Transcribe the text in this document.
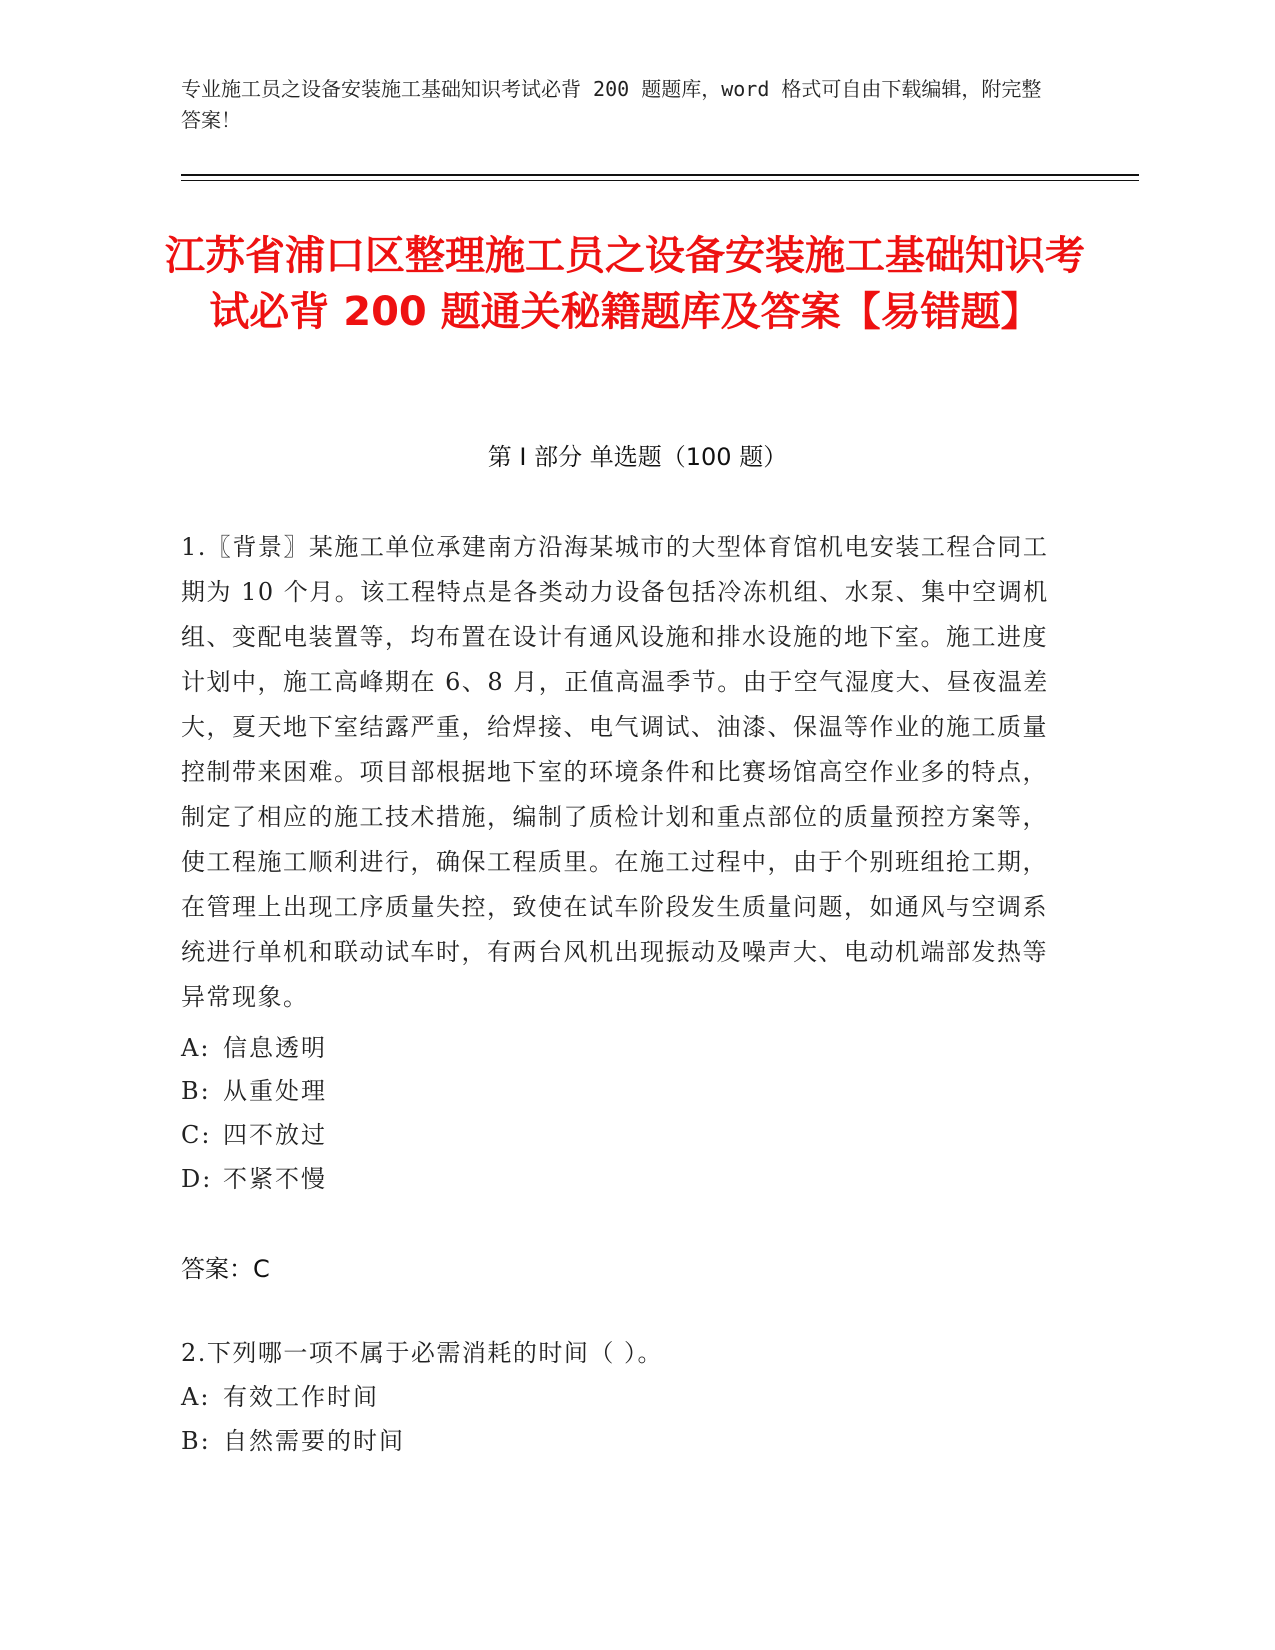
专业施工员之设备安装施工基础知识考试必背 200 题题库，word 格式可自由下载编辑，附完整答案！
江苏省浦口区整理施工员之设备安装施工基础知识考试必背 200 题通关秘籍题库及答案【易错题】
第 I 部分 单选题（100 题）
1.〖背景〗某施工单位承建南方沿海某城市的大型体育馆机电安装工程合同工期为 10 个月。该工程特点是各类动力设备包括冷冻机组、水泵、集中空调机组、变配电装置等，均布置在设计有通风设施和排水设施的地下室。施工进度计划中，施工高峰期在 6、8 月，正值高温季节。由于空气湿度大、昼夜温差大，夏天地下室结露严重，给焊接、电气调试、油漆、保温等作业的施工质量控制带来困难。项目部根据地下室的环境条件和比赛场馆高空作业多的特点，制定了相应的施工技术措施，编制了质检计划和重点部位的质量预控方案等，使工程施工顺利进行，确保工程质里。在施工过程中，由于个别班组抢工期，在管理上出现工序质量失控，致使在试车阶段发生质量问题，如通风与空调系统进行单机和联动试车时，有两台风机出现振动及噪声大、电动机端部发热等异常现象。
A: 信息透明
B: 从重处理
C: 四不放过
D: 不紧不慢
答案：C
2.下列哪一项不属于必需消耗的时间（ ）。
A: 有效工作时间
B: 自然需要的时间
